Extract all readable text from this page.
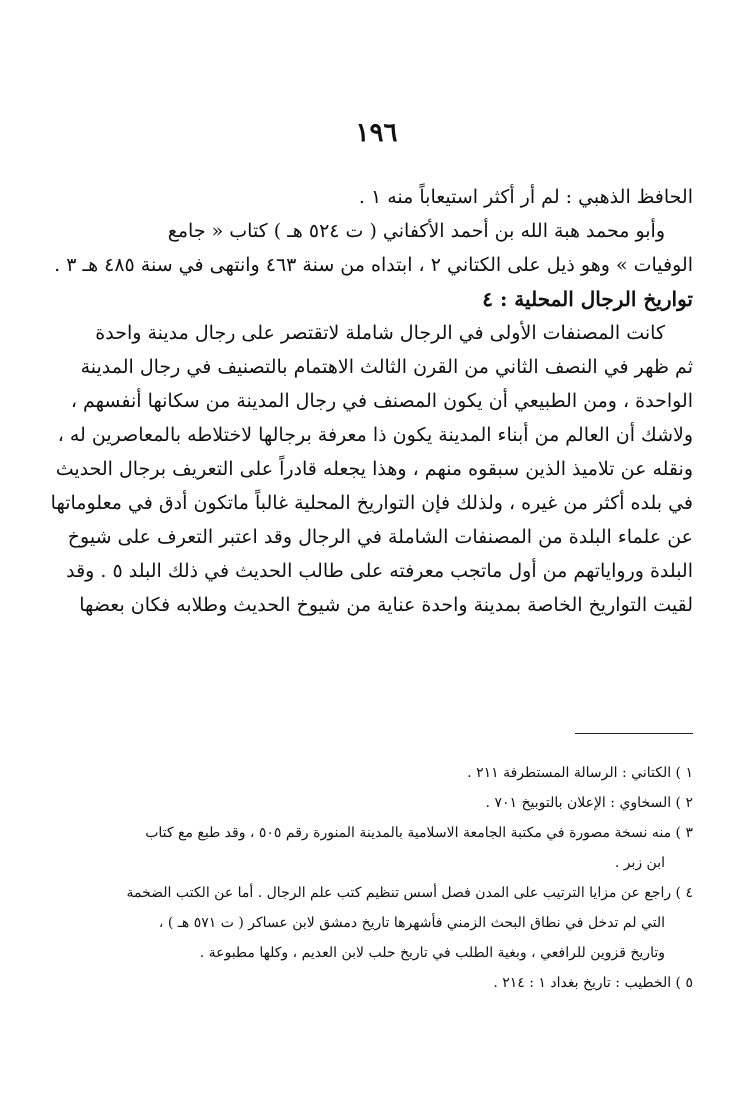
١٩٦
الحافظ الذهبي : لم أر أكثر استيعاباً منه ١ .
وأبو محمد هبة الله بن أحمد الأكفاني ( ت ٥٢٤ هـ ) كتاب « جامع
الوفيات » وهو ذيل على الكتاني ٢ ، ابتداه من سنة ٤٦٣ وانتهى في سنة ٤٨٥ هـ ٣ .
تواريخ الرجال المحلية : ٤
كانت المصنفات الأولى في الرجال شاملة لاتقتصر على رجال مدينة واحدة
ثم ظهر في النصف الثاني من القرن الثالث الاهتمام بالتصنيف في رجال المدينة
الواحدة ، ومن الطبيعي أن يكون المصنف في رجال المدينة من سكانها أنفسهم ،
ولاشك أن العالم من أبناء المدينة يكون ذا معرفة برجالها لاختلاطه بالمعاصرين له ،
ونقله عن تلاميذ الذين سبقوه منهم ، وهذا يجعله قادراً على التعريف برجال الحديث
في بلده أكثر من غيره ، ولذلك فإن التواريخ المحلية غالباً ماتكون أدق في معلوماتها
عن علماء البلدة من المصنفات الشاملة في الرجال وقد اعتبر التعرف على شيوخ
البلدة ورواياتهم من أول ماتجب معرفته على طالب الحديث في ذلك البلد ٥ . وقد
لقيت التواريخ الخاصة بمدينة واحدة عناية من شيوخ الحديث وطلابه فكان بعضها
١ ) الكتاني : الرسالة المستطرفة ٢١١ .
٢ ) السخاوي : الإعلان بالتوبيخ ٧٠١ .
٣ ) منه نسخة مصورة في مكتبة الجامعة الاسلامية بالمدينة المنورة رقم ٥٠٥ ، وقد طبع مع كتاب
ابن زبر .
٤ ) راجع عن مزايا الترتيب على المدن فصل أسس تنظيم كتب علم الرجال . أما عن الكتب الضخمة
التي لم تدخل في نطاق البحث الزمني فأشهرها تاريخ دمشق لابن عساكر ( ت ٥٧١ هـ ) ،
وتاريخ قزوين للرافعي ، وبغية الطلب في تاريخ حلب لابن العديم ، وكلها مطبوعة .
٥ ) الخطيب : تاريخ بغداد ١ : ٢١٤ .
